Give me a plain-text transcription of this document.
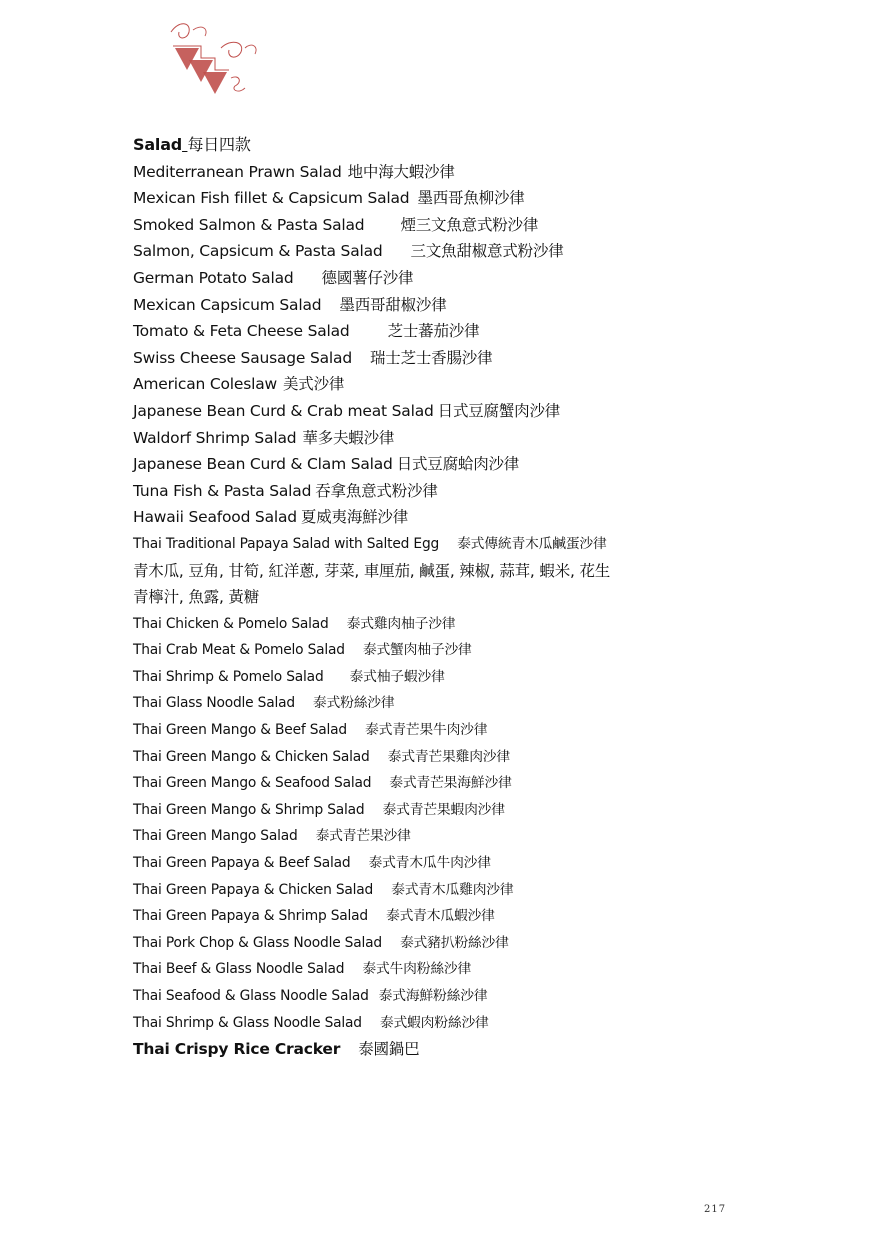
Salad 每日四款
Mediterranean Prawn Salad 地中海大蝦沙律
Mexican Fish fillet & Capsicum Salad 墨西哥魚柳沙律
Smoked Salmon & Pasta Salad 煙三文魚意式粉沙律
Salmon, Capsicum & Pasta Salad 三文魚甜椒意式粉沙律
German Potato Salad 德國薯仔沙律
Mexican Capsicum Salad 墨西哥甜椒沙律
Tomato & Feta Cheese Salad 芝士蕃茄沙律
Swiss Cheese Sausage Salad 瑞士芝士香腸沙律
American Coleslaw 美式沙律
Japanese Bean Curd & Crab meat Salad 日式豆腐蟹肉沙律
Waldorf Shrimp Salad 華多夫蝦沙律
Japanese Bean Curd & Clam Salad 日式豆腐蛤肉沙律
Tuna Fish & Pasta Salad 吞拿魚意式粉沙律
Hawaii Seafood Salad 夏威夷海鮮沙律
Thai Traditional Papaya Salad with Salted Egg 泰式傳統青木瓜鹹蛋沙律
青木瓜, 豆角, 甘筍, 紅洋蔥, 芽菜, 車厘茄, 鹹蛋, 辣椒, 蒜茸, 蝦米, 花生
青檸汁, 魚露, 黃糖
Thai Chicken & Pomelo Salad 泰式雞肉柚子沙律
Thai Crab Meat & Pomelo Salad 泰式蟹肉柚子沙律
Thai Shrimp & Pomelo Salad 泰式柚子蝦沙律
Thai Glass Noodle Salad 泰式粉絲沙律
Thai Green Mango & Beef Salad 泰式青芒果牛肉沙律
Thai Green Mango & Chicken Salad 泰式青芒果雞肉沙律
Thai Green Mango & Seafood Salad 泰式青芒果海鮮沙律
Thai Green Mango & Shrimp Salad 泰式青芒果蝦肉沙律
Thai Green Mango Salad 泰式青芒果沙律
Thai Green Papaya & Beef Salad 泰式青木瓜牛肉沙律
Thai Green Papaya & Chicken Salad 泰式青木瓜雞肉沙律
Thai Green Papaya & Shrimp Salad 泰式青木瓜蝦沙律
Thai Pork Chop & Glass Noodle Salad 泰式豬扒粉絲沙律
Thai Beef & Glass Noodle Salad 泰式牛肉粉絲沙律
Thai Seafood & Glass Noodle Salad 泰式海鮮粉絲沙律
Thai Shrimp & Glass Noodle Salad 泰式蝦肉粉絲沙律
Thai Crispy Rice Cracker 泰國鍋巴
217
